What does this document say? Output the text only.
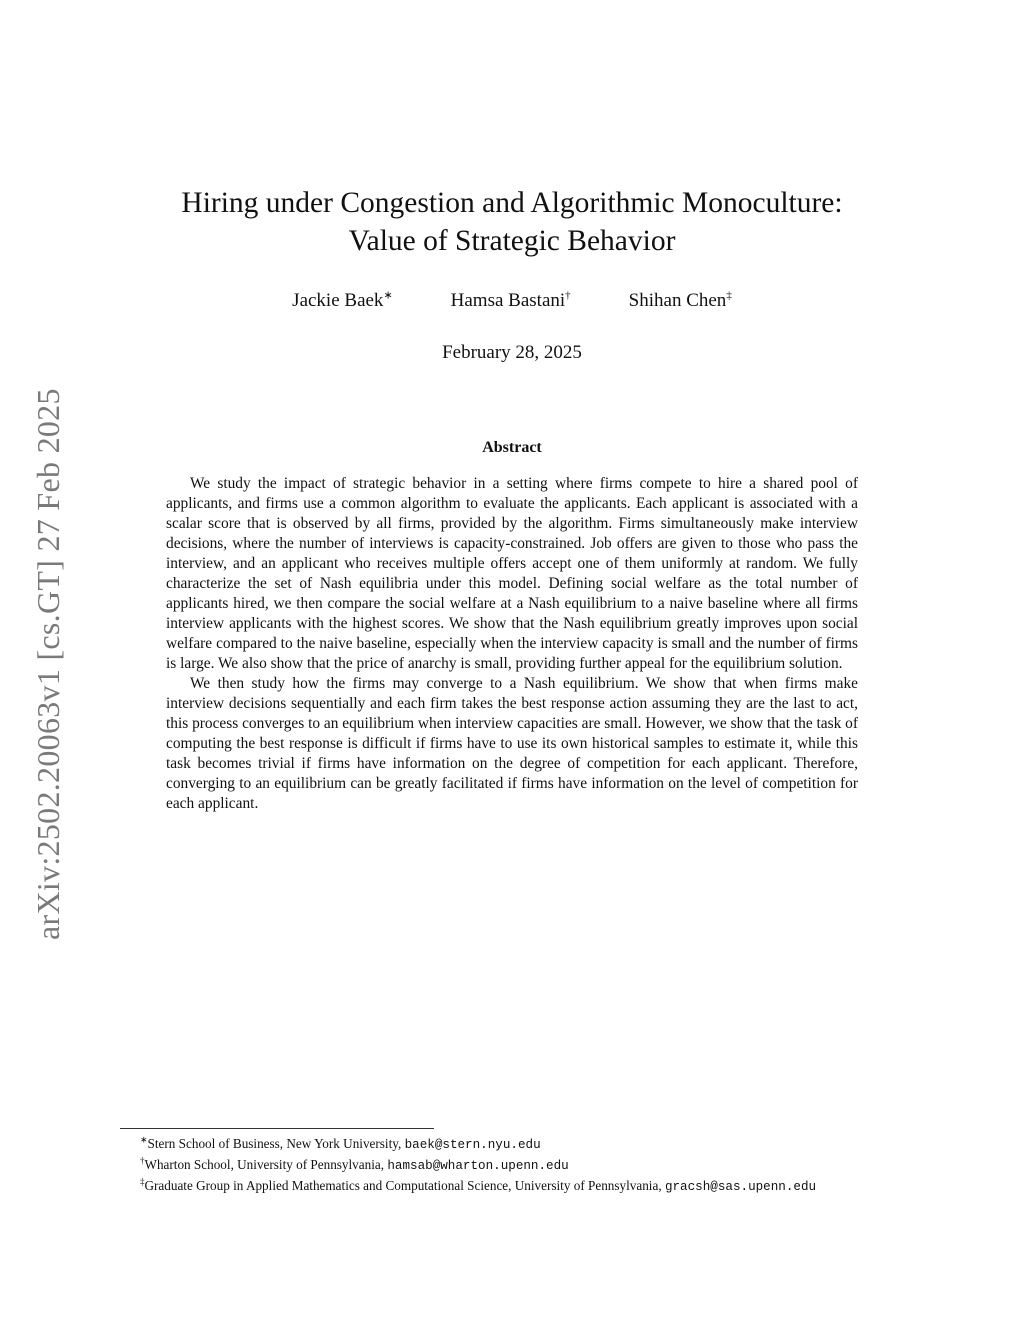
arXiv:2502.20063v1 [cs.GT] 27 Feb 2025
Hiring under Congestion and Algorithmic Monoculture:
Value of Strategic Behavior
Jackie Baek∗	Hamsa Bastani†	Shihan Chen‡
February 28, 2025
Abstract

We study the impact of strategic behavior in a setting where firms compete to hire a shared pool of applicants, and firms use a common algorithm to evaluate the applicants. Each applicant is associated with a scalar score that is observed by all firms, provided by the algorithm. Firms simultaneously make interview decisions, where the number of interviews is capacity-constrained. Job offers are given to those who pass the interview, and an applicant who receives multiple offers accept one of them uniformly at random. We fully characterize the set of Nash equilibria under this model. Defining social welfare as the total number of applicants hired, we then compare the social welfare at a Nash equilibrium to a naive baseline where all firms interview applicants with the highest scores. We show that the Nash equilibrium greatly improves upon social welfare compared to the naive baseline, especially when the interview capacity is small and the number of firms is large. We also show that the price of anarchy is small, providing further appeal for the equilibrium solution.

We then study how the firms may converge to a Nash equilibrium. We show that when firms make interview decisions sequentially and each firm takes the best response action assuming they are the last to act, this process converges to an equilibrium when interview capacities are small. However, we show that the task of computing the best response is difficult if firms have to use its own historical samples to estimate it, while this task becomes trivial if firms have information on the degree of competition for each applicant. Therefore, converging to an equilibrium can be greatly facilitated if firms have information on the level of competition for each applicant.

∗Stern School of Business, New York University, baek@stern.nyu.edu

†Wharton School, University of Pennsylvania, hamsab@wharton.upenn.edu

‡Graduate Group in Applied Mathematics and Computational Science, University of Pennsylvania, gracsh@sas.upenn.edu
